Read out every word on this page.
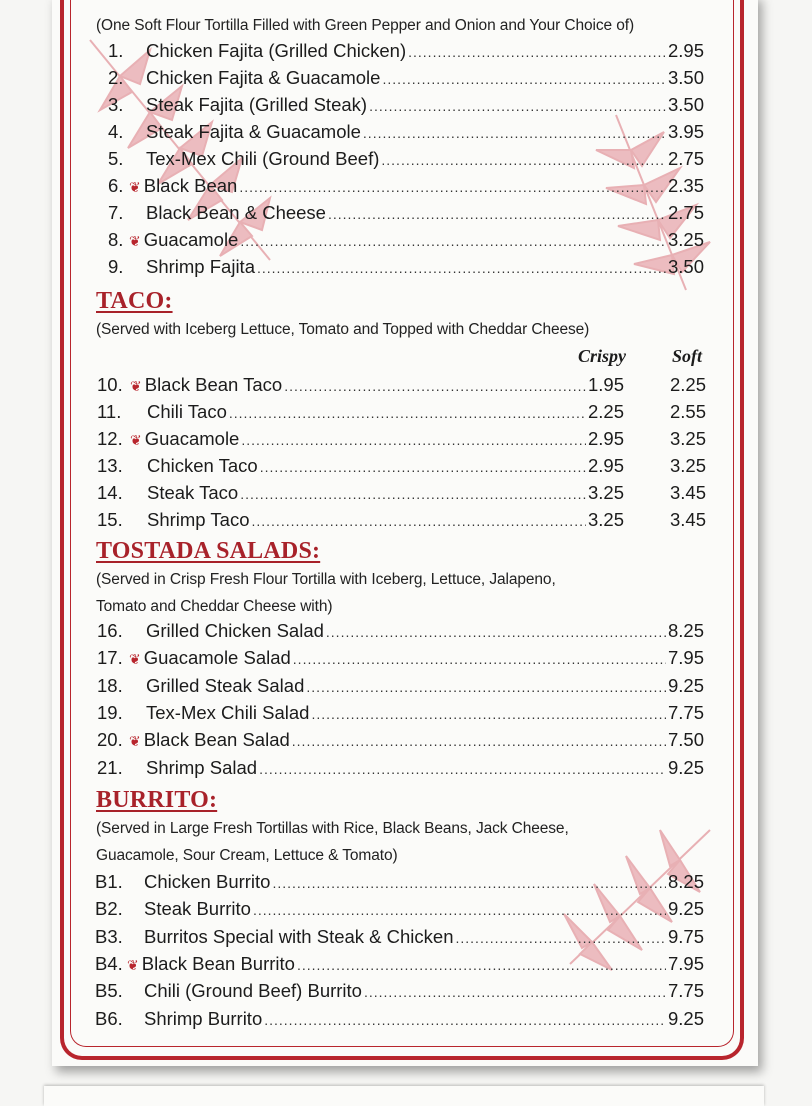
(One Soft Flour Tortilla Filled with Green Pepper and Onion and Your Choice of)
1.	Chicken Fajita (Grilled Chicken) .....	2.95
2.	Chicken Fajita & Guacamole .....	3.50
3.	Steak Fajita (Grilled Steak) .....	3.50
4.	Steak Fajita & Guacamole .....	3.95
5.	Tex-Mex Chili (Ground Beef) .....	2.75
6. ❦ Black Bean .....	2.35
7.	Black Bean & Cheese .....	2.75
8. ❦ Guacamole .....	3.25
9.	Shrimp Fajita .....	3.50
TACO:
(Served with Iceberg Lettuce, Tomato and Topped with Cheddar Cheese)
Crispy	Soft
10. ❦ Black Bean Taco .....	1.95	2.25
11.	Chili Taco .....	2.25	2.55
12. ❦ Guacamole .....	2.95	3.25
13.	Chicken Taco .....	2.95	3.25
14.	Steak Taco .....	3.25	3.45
15.	Shrimp Taco .....	3.25	3.45
TOSTADA SALADS:
(Served in Crisp Fresh Flour Tortilla with Iceberg, Lettuce, Jalapeno,
Tomato and Cheddar Cheese with)
16.	Grilled Chicken Salad .....	8.25
17. ❦ Guacamole Salad .....	7.95
18.	Grilled Steak Salad .....	9.25
19.	Tex-Mex Chili Salad .....	7.75
20. ❦ Black Bean Salad .....	7.50
21.	Shrimp Salad .....	9.25
BURRITO:
(Served in Large Fresh Tortillas with Rice, Black Beans, Jack Cheese,
Guacamole, Sour Cream, Lettuce & Tomato)
B1.	Chicken Burrito .....	8.25
B2.	Steak Burrito .....	9.25
B3.	Burritos Special with Steak & Chicken .....	9.75
B4. ❦ Black Bean Burrito .....	7.95
B5.	Chili (Ground Beef) Burrito .....	7.75
B6.	Shrimp Burrito .....	9.25
